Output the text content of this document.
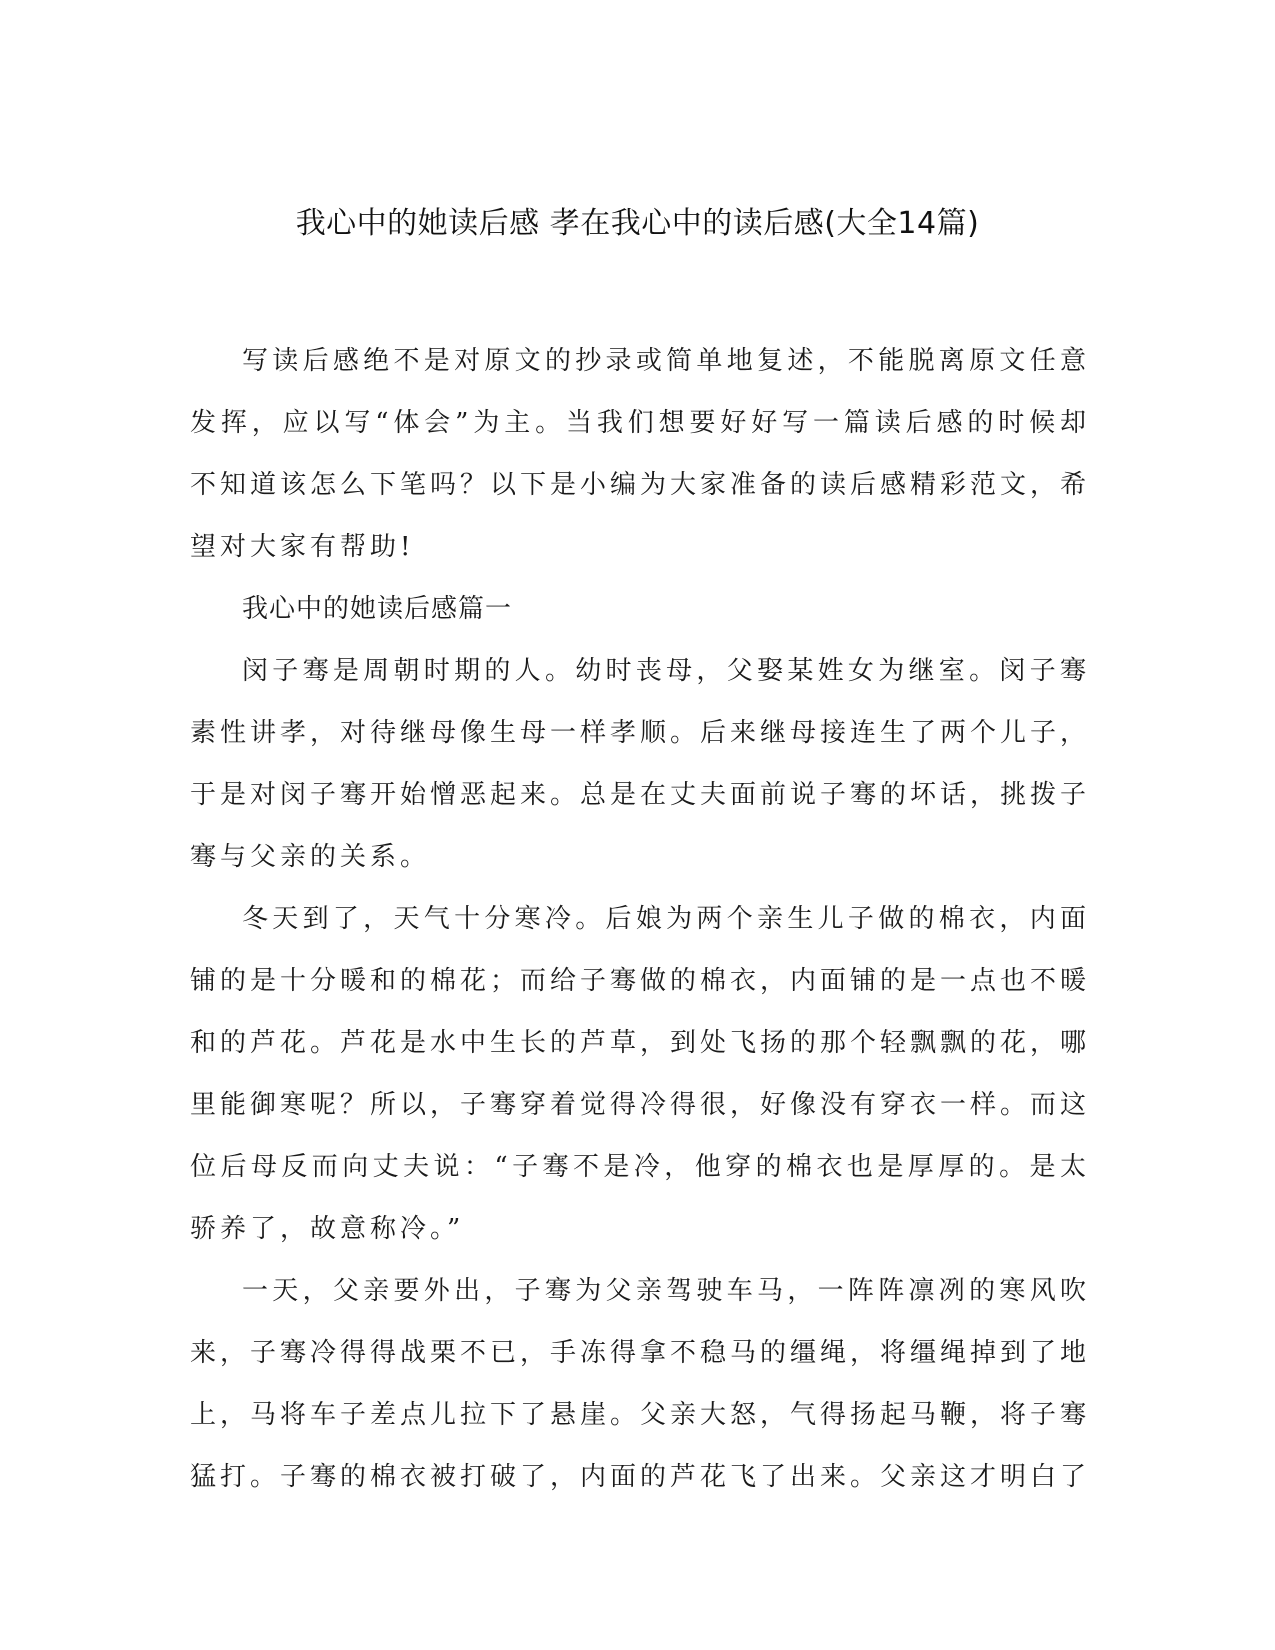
我心中的她读后感 孝在我心中的读后感(大全14篇)

写读后感绝不是对原文的抄录或简单地复述，不能脱离原文任意发挥，应以写“体会”为主。当我们想要好好写一篇读后感的时候却不知道该怎么下笔吗？以下是小编为大家准备的读后感精彩范文，希望对大家有帮助!

我心中的她读后感篇一

闵子骞是周朝时期的人。幼时丧母，父娶某姓女为继室。闵子骞素性讲孝，对待继母像生母一样孝顺。后来继母接连生了两个儿子，于是对闵子骞开始憎恶起来。总是在丈夫面前说子骞的坏话，挑拨子骞与父亲的关系。

冬天到了，天气十分寒冷。后娘为两个亲生儿子做的棉衣，内面铺的是十分暖和的棉花；而给子骞做的棉衣，内面铺的是一点也不暖和的芦花。芦花是水中生长的芦草，到处飞扬的那个轻飘飘的花，哪里能御寒呢？所以，子骞穿着觉得冷得很，好像没有穿衣一样。而这位后母反而向丈夫说：“子骞不是冷，他穿的棉衣也是厚厚的。是太骄养了，故意称冷。”

一天，父亲要外出，子骞为父亲驾驶车马，一阵阵凛冽的寒风吹来，子骞冷得得战栗不已，手冻得拿不稳马的缰绳，将缰绳掉到了地上，马将车子差点儿拉下了悬崖。父亲大怒，气得扬起马鞭，将子骞猛打。子骞的棉衣被打破了，内面的芦花飞了出来。父亲这才明白了
